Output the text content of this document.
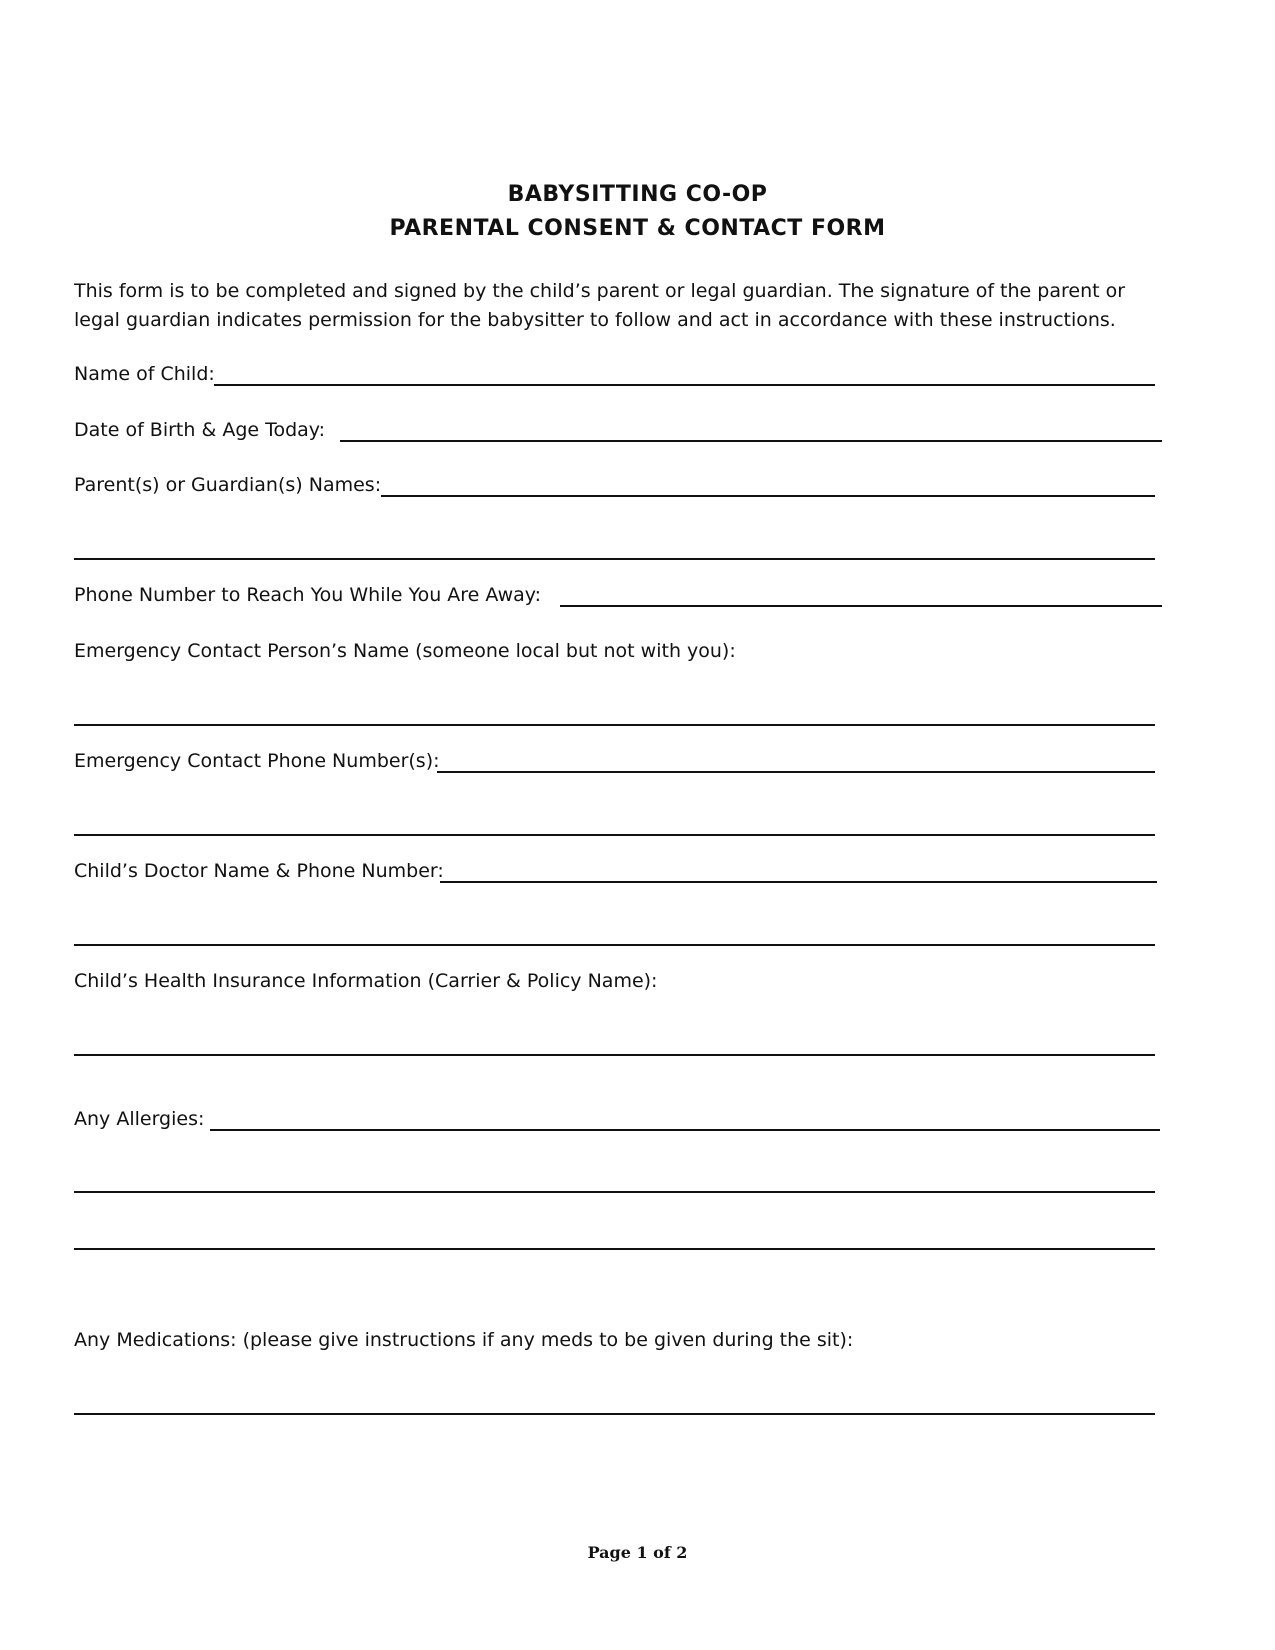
BABYSITTING CO-OP
PARENTAL CONSENT & CONTACT FORM
This form is to be completed and signed by the child’s parent or legal guardian. The signature of the parent or
legal guardian indicates permission for the babysitter to follow and act in accordance with these instructions.
Name of Child:
Date of Birth & Age Today:
Parent(s) or Guardian(s) Names:
Phone Number to Reach You While You Are Away:
Emergency Contact Person’s Name (someone local but not with you):
Emergency Contact Phone Number(s):
Child’s Doctor Name & Phone Number:
Child’s Health Insurance Information (Carrier & Policy Name):
Any Allergies:
Any Medications: (please give instructions if any meds to be given during the sit):
Page 1 of 2
